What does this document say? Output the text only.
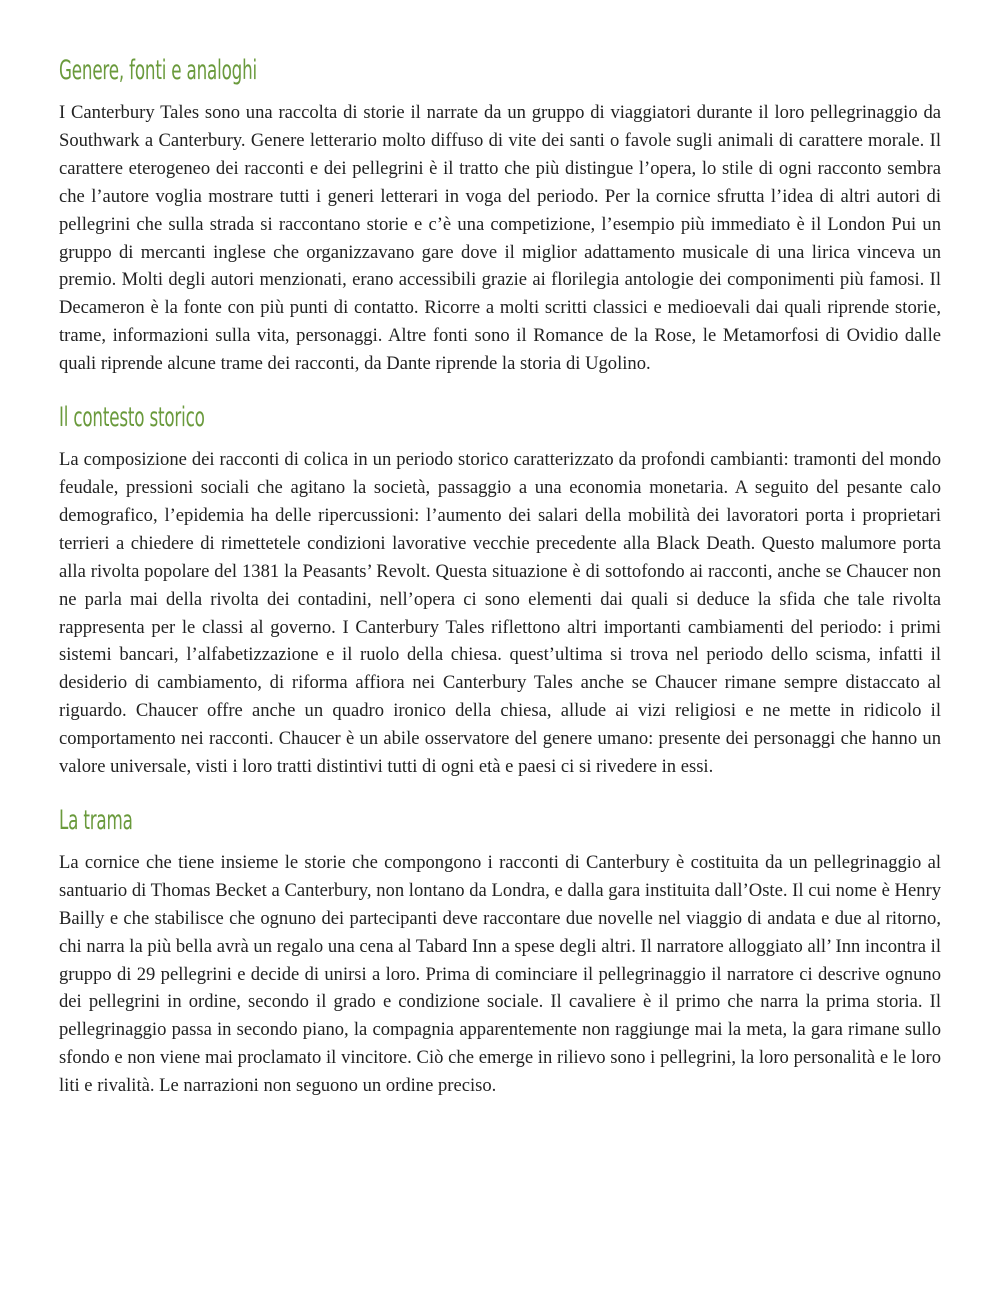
Genere, fonti e analoghi

I Canterbury Tales sono una raccolta di storie il narrate da un gruppo di viaggiatori durante il loro pellegrinaggio da Southwark a Canterbury. Genere letterario molto diffuso di vite dei santi o favole sugli animali di carattere morale. Il carattere eterogeneo dei racconti e dei pellegrini è il tratto che più distingue l’opera, lo stile di ogni racconto sembra che l’autore voglia mostrare tutti i generi letterari in voga del periodo. Per la cornice sfrutta l’idea di altri autori di pellegrini che sulla strada si raccontano storie e c’è una competizione, l’esempio più immediato è il London Pui un gruppo di mercanti inglese che organizzavano gare dove il miglior adattamento musicale di una lirica vinceva un premio. Molti degli autori menzionati, erano accessibili grazie ai florilegia antologie dei componimenti più famosi. Il Decameron è la fonte con più punti di contatto. Ricorre a molti scritti classici e medioevali dai quali riprende storie, trame, informazioni sulla vita, personaggi. Altre fonti sono il Romance de la Rose, le Metamorfosi di Ovidio dalle quali riprende alcune trame dei racconti, da Dante riprende la storia di Ugolino.

Il contesto storico

La composizione dei racconti di colica in un periodo storico caratterizzato da profondi cambianti: tramonti del mondo feudale, pressioni sociali che agitano la società, passaggio a una economia monetaria. A seguito del pesante calo demografico, l’epidemia ha delle ripercussioni: l’aumento dei salari della mobilità dei lavoratori porta i proprietari terrieri a chiedere di rimettetele condizioni lavorative vecchie precedente alla Black Death. Questo malumore porta alla rivolta popolare del 1381 la Peasants’ Revolt. Questa situazione è di sottofondo ai racconti, anche se Chaucer non ne parla mai della rivolta dei contadini, nell’opera ci sono elementi dai quali si deduce la sfida che tale rivolta rappresenta per le classi al governo. I Canterbury Tales riflettono altri importanti cambiamenti del periodo: i primi sistemi bancari, l’alfabetizzazione e il ruolo della chiesa. quest’ultima si trova nel periodo dello scisma, infatti il desiderio di cambiamento, di riforma affiora nei Canterbury Tales anche se Chaucer rimane sempre distaccato al riguardo. Chaucer offre anche un quadro ironico della chiesa, allude ai vizi religiosi e ne mette in ridicolo il comportamento nei racconti. Chaucer è un abile osservatore del genere umano: presente dei personaggi che hanno un valore universale, visti i loro tratti distintivi tutti di ogni età e paesi ci si rivedere in essi.

La trama

La cornice che tiene insieme le storie che compongono i racconti di Canterbury è costituita da un pellegrinaggio al santuario di Thomas Becket a Canterbury, non lontano da Londra, e dalla gara instituita dall’Oste. Il cui nome è Henry Bailly e che stabilisce che ognuno dei partecipanti deve raccontare due novelle nel viaggio di andata e due al ritorno, chi narra la più bella avrà un regalo una cena al Tabard Inn a spese degli altri. Il narratore alloggiato all’ Inn incontra il gruppo di 29 pellegrini e decide di unirsi a loro. Prima di cominciare il pellegrinaggio il narratore ci descrive ognuno dei pellegrini in ordine, secondo il grado e condizione sociale. Il cavaliere è il primo che narra la prima storia. Il pellegrinaggio passa in secondo piano, la compagnia apparentemente non raggiunge mai la meta, la gara rimane sullo sfondo e non viene mai proclamato il vincitore. Ciò che emerge in rilievo sono i pellegrini, la loro personalità e le loro liti e rivalità. Le narrazioni non seguono un ordine preciso.
